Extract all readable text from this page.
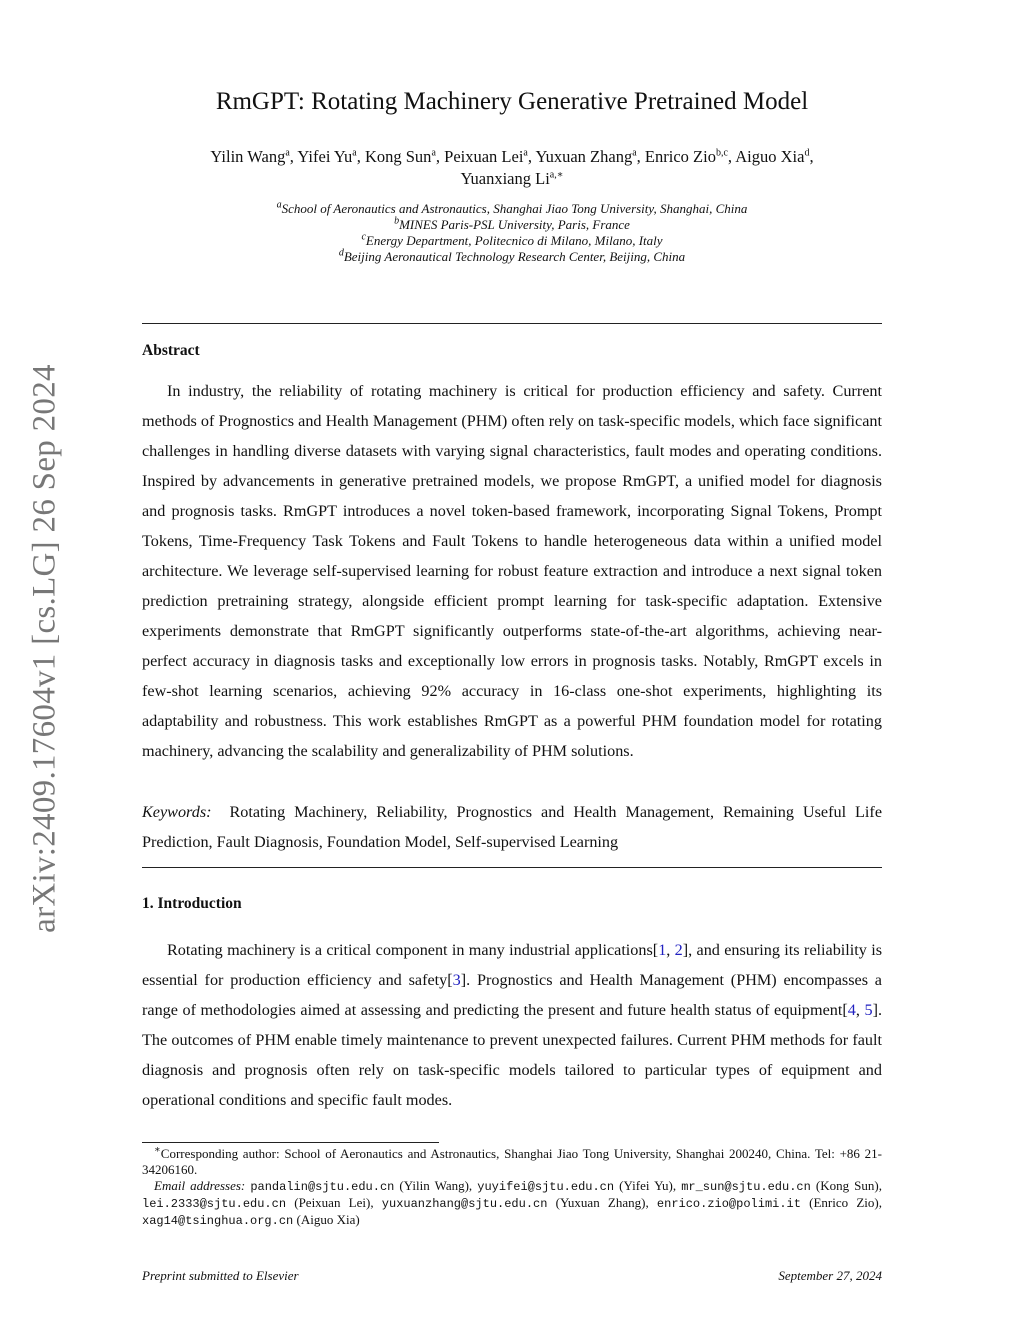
arXiv:2409.17604v1 [cs.LG] 26 Sep 2024
RmGPT: Rotating Machinery Generative Pretrained Model
Yilin Wang$^a$, Yifei Yu$^a$, Kong Sun$^a$, Peixuan Lei$^a$, Yuxuan Zhang$^a$, Enrico Zio$^{b,c}$, Aiguo Xia$^d$,
Yuanxiang $Li^{a,∗}$
$^a$School of Aeronautics and Astronautics, Shanghai Jiao Tong University, Shanghai, China
$^b$MINES Paris-PSL University, Paris, France
$^c$Energy Department, Politecnico di Milano, Milano, Italy
$^d$Beijing Aeronautical Technology Research Center, Beijing, China
Abstract

In industry, the reliability of rotating machinery is critical for production efficiency and safety. Current methods of Prognostics and Health Management (PHM) often rely on task-specific models, which face significant challenges in handling diverse datasets with varying signal characteristics, fault modes and operating conditions. Inspired by advancements in generative pretrained models, we propose RmGPT, a unified model for diagnosis and prognosis tasks. RmGPT introduces a novel token-based framework, incorporating Signal Tokens, Prompt Tokens, Time-Frequency Task Tokens and Fault Tokens to handle heterogeneous data within a unified model architecture. We leverage self-supervised learning for robust feature extraction and introduce a next signal token prediction pretraining strategy, alongside efficient prompt learning for task-specific adaptation. Extensive experiments demonstrate that RmGPT significantly outperforms state-of-the-art algorithms, achieving near-perfect accuracy in diagnosis tasks and exceptionally low errors in prognosis tasks. Notably, RmGPT excels in few-shot learning scenarios, achieving 92% accuracy in 16-class one-shot experiments, highlighting its adaptability and robustness. This work establishes RmGPT as a powerful PHM foundation model for rotating machinery, advancing the scalability and generalizability of PHM solutions.

Keywords: Rotating Machinery, Reliability, Prognostics and Health Management, Remaining Useful Life Prediction, Fault Diagnosis, Foundation Model, Self-supervised Learning
1. Introduction

Rotating machinery is a critical component in many industrial applications[1, 2], and ensuring its reliability is essential for production efficiency and safety[3]. Prognostics and Health Management (PHM) encompasses a range of methodologies aimed at assessing and predicting the present and future health status of equipment[4, 5]. The outcomes of PHM enable timely maintenance to prevent unexpected failures. Current PHM methods for fault diagnosis and prognosis often rely on task-specific models tailored to particular types of equipment and operational conditions and specific fault modes.

∗Corresponding author: School of Aeronautics and Astronautics, Shanghai Jiao Tong University, Shanghai 200240, China. Tel: +86 21-34206160.

Email addresses: pandalin@sjtu.edu.cn (Yilin Wang), yuyifei@sjtu.edu.cn (Yifei Yu), mr_sun@sjtu.edu.cn (Kong Sun), lei.2333@sjtu.edu.cn (Peixuan Lei), yuxuanzhang@sjtu.edu.cn (Yuxuan Zhang), enrico.zio@polimi.it (Enrico Zio), xag14@tsinghua.org.cn (Aiguo Xia)

Preprint submitted to Elsevier	September 27, 2024
